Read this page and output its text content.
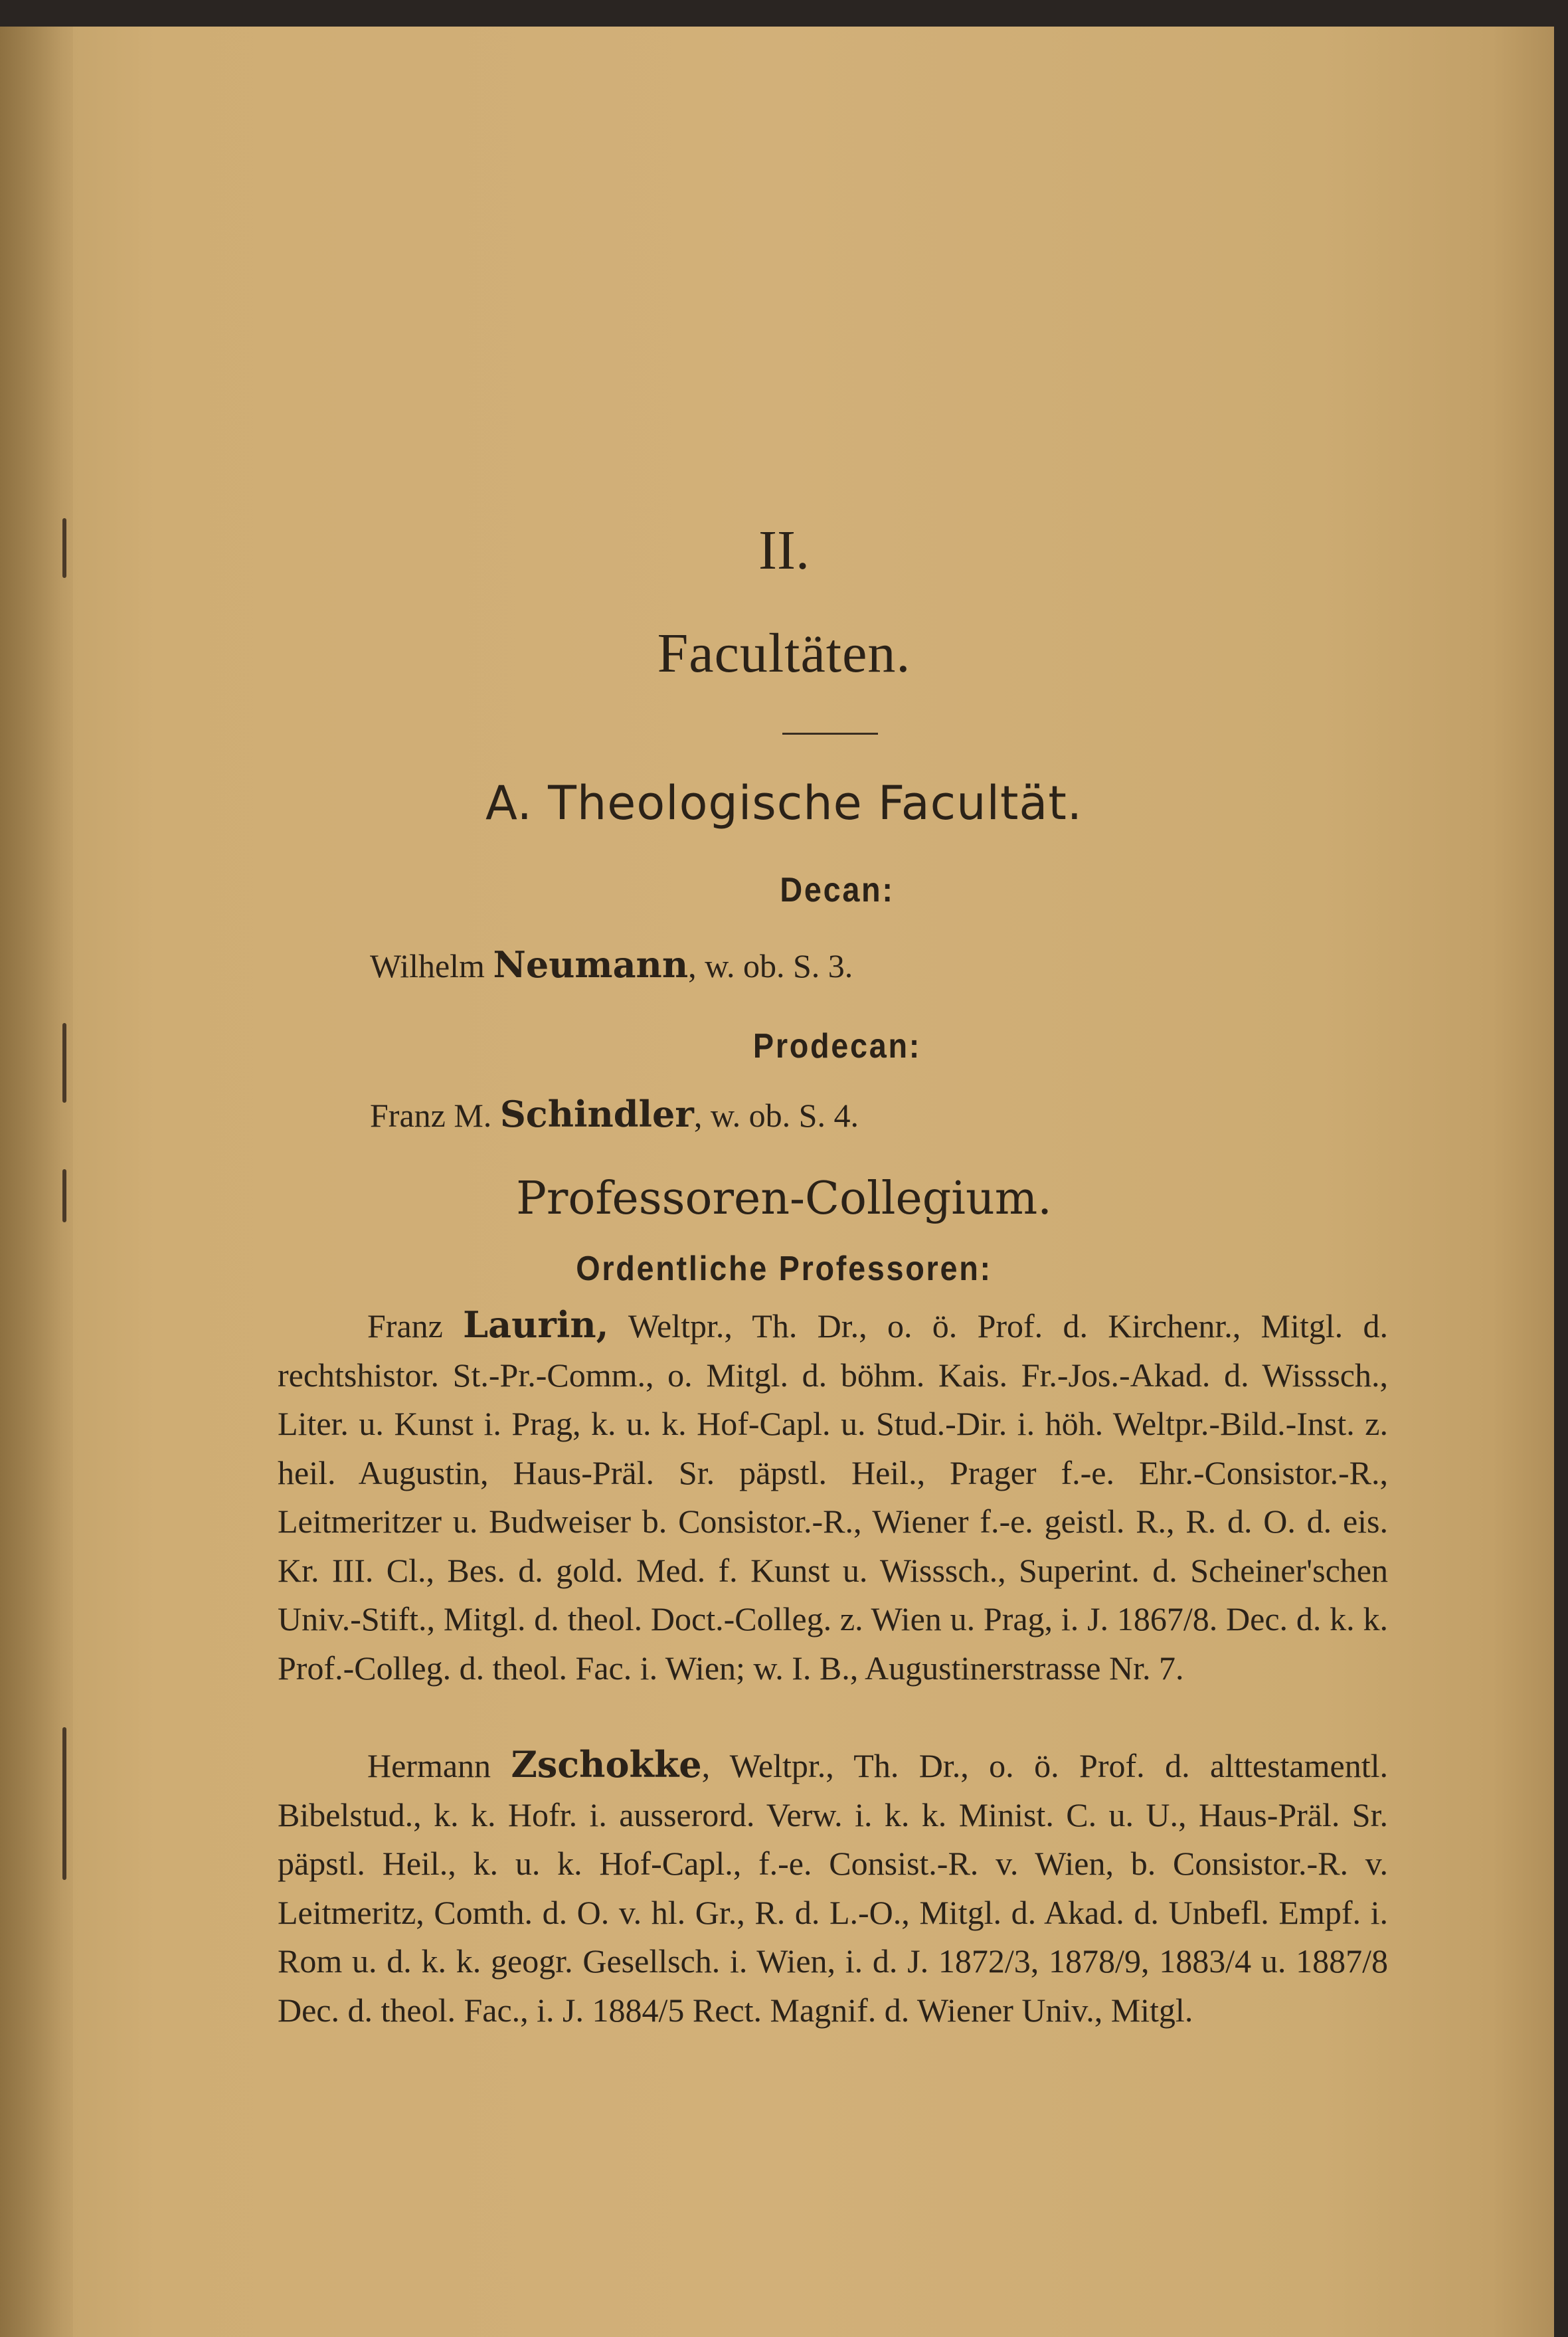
II.
Facultäten.
A. Theologische Facultät.
Decan:
Wilhelm Neumann, w. ob. S. 3.
Prodecan:
Franz M. Schindler, w. ob. S. 4.
Professoren-Collegium.
Ordentliche Professoren:
Franz Laurin, Weltpr., Th. Dr., o. ö. Prof. d. Kirchenr., Mitgl. d. rechtshistor. St.-Pr.-Comm., o. Mitgl. d. böhm. Kais. Fr.-Jos.-Akad. d. Wisssch., Liter. u. Kunst i. Prag, k. u. k. Hof-Capl. u. Stud.-Dir. i. höh. Weltpr.-Bild.-Inst. z. heil. Augustin, Haus-Präl. Sr. päpstl. Heil., Prager f.-e. Ehr.-Consistor.-R., Leitmeritzer u. Budweiser b. Consistor.-R., Wiener f.-e. geistl. R., R. d. O. d. eis. Kr. III. Cl., Bes. d. gold. Med. f. Kunst u. Wisssch., Superint. d. Scheiner'schen Univ.-Stift., Mitgl. d. theol. Doct.-Colleg. z. Wien u. Prag, i. J. 1867/8. Dec. d. k. k. Prof.-Colleg. d. theol. Fac. i. Wien; w. I. B., Augustinerstrasse Nr. 7.
Hermann Zschokke, Weltpr., Th. Dr., o. ö. Prof. d. alttestamentl. Bibelstud., k. k. Hofr. i. ausserord. Verw. i. k. k. Minist. C. u. U., Haus-Präl. Sr. päpstl. Heil., k. u. k. Hof-Capl., f.-e. Consist.-R. v. Wien, b. Consistor.-R. v. Leitmeritz, Comth. d. O. v. hl. Gr., R. d. L.-O., Mitgl. d. Akad. d. Unbefl. Empf. i. Rom u. d. k. k. geogr. Gesellsch. i. Wien, i. d. J. 1872/3, 1878/9, 1883/4 u. 1887/8 Dec. d. theol. Fac., i. J. 1884/5 Rect. Magnif. d. Wiener Univ., Mitgl.
